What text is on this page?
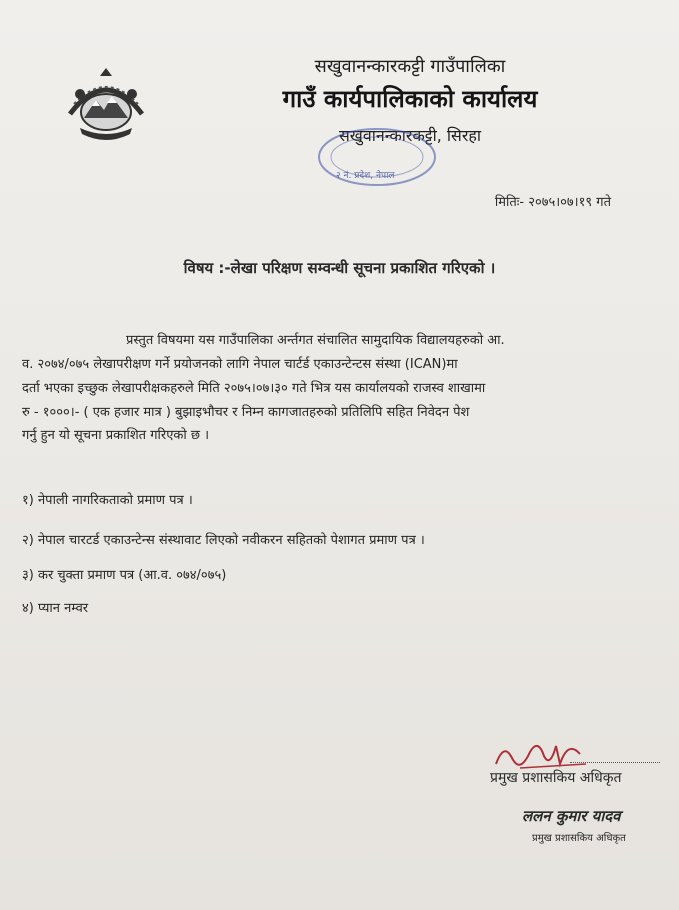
सखुवानन्कारकट्टी गाउँपालिका
गाउँ कार्यपालिकाको कार्यालय
सखुवानन्कारकट्टी, सिरहा
२ नं. प्रदेश, नेपाल
मितिः- २०७५।०७।१९ गते
विषय :-लेखा परिक्षण सम्वन्धी सूचना प्रकाशित गरिएको ।
प्रस्तुत विषयमा यस गाउँपालिका अर्न्तगत संचालित सामुदायिक विद्यालयहरुको आ.
व. २०७४/०७५ लेखापरीक्षण गर्ने प्रयोजनको लागि नेपाल चार्टर्ड एकाउन्टेन्टस संस्था (ICAN)मा
दर्ता भएका इच्छुक लेखापरीक्षकहरुले मिति २०७५।०७।३० गते भित्र यस कार्यालयको राजस्व शाखामा
रु - १०००।- ( एक हजार मात्र ) बुझाइभौचर र निम्न कागजातहरुको प्रतिलिपि सहित निवेदन पेश
गर्नु हुन यो सूचना प्रकाशित गरिएको छ ।
१) नेपाली नागरिकताको प्रमाण पत्र ।
२) नेपाल चारटर्ड एकाउन्टेन्स संस्थावाट लिएको नवीकरन सहितको पेशागत प्रमाण पत्र ।
३) कर चुक्ता प्रमाण पत्र (आ.व. ०७४/०७५)
४) प्यान नम्वर
प्रमुख प्रशासकिय अधिकृत
ललन कुमार यादव
प्रमुख प्रशासकिय अधिकृत
